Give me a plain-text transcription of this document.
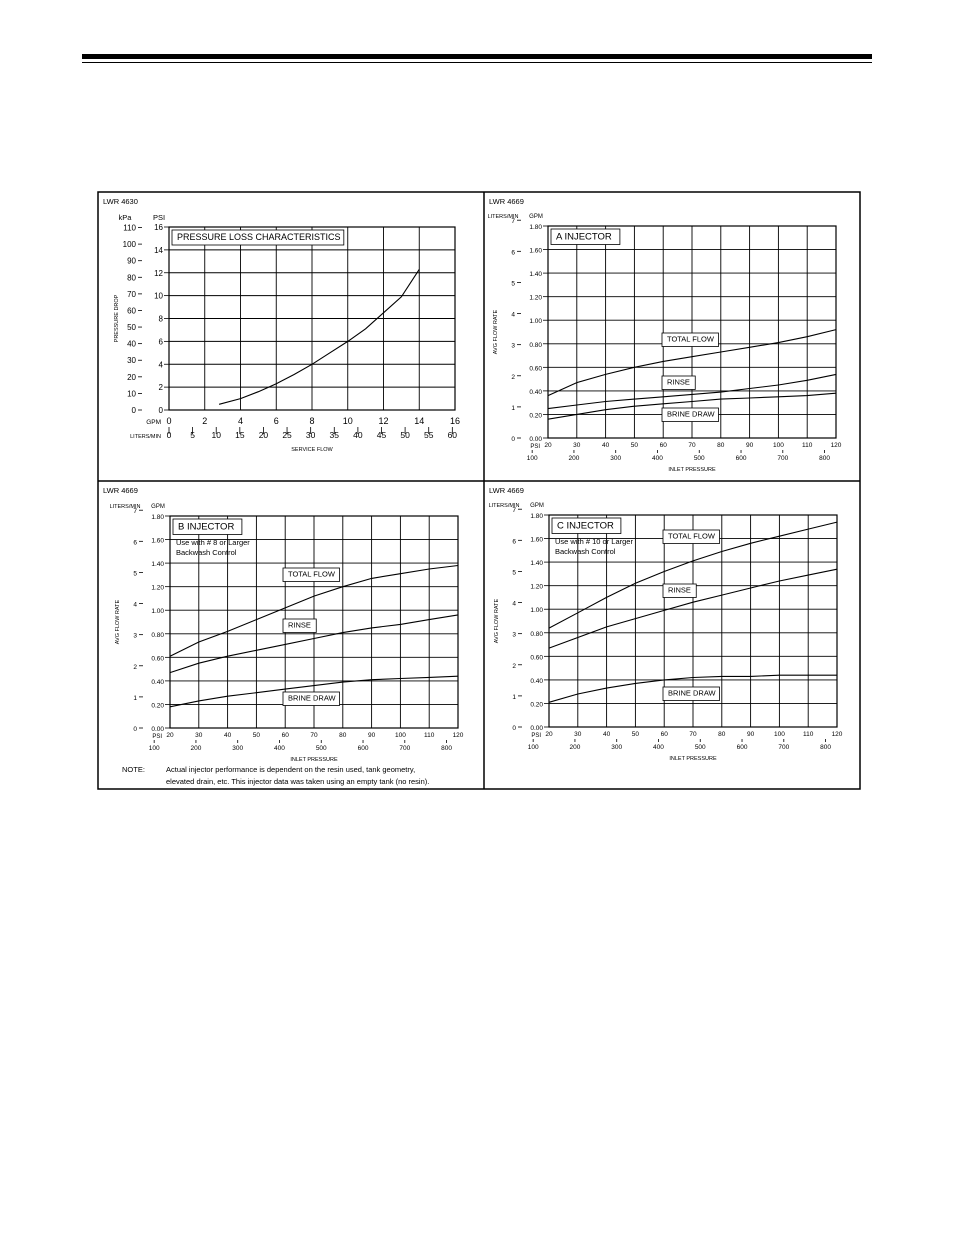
LWR 4630
PRESSURE LOSS CHARACTERISTICS
kPa	PSI
0
2
4
6
8
10
12
14
16
0
10
20
30
40
50
60
70
80
90
100
110
PRESSURE DROP
GPM 0	2	4	6	8	10	12	14	16
0 5 10 15 20 25 30 35 40 45 50 55 60
LITERS/MIN
SERVICE FLOW
LWR 4669
A INJECTOR
LITERS/MIN GPM
0.00
0.20
0.40
0.60
0.80
1.00
1.20
1.40
1.60
1.80
0
1
2
3
4
5
6
7
AVG FLOW RATE
PSI 20	30	40	50	60	70	80	90	100	110	120
100	200	300	400	500	600	700	800
INLET PRESSURE
TOTAL FLOW
RINSE
BRINE DRAW
LWR 4669
B INJECTOR
Use with # 8 or Larger
Backwash Control
LITERS/MIN GPM
0.00
0.20
0.40
0.60
0.80
1.00
1.20
1.40
1.60
1.80
0
1
2
3
4
5
6
7
AVG FLOW RATE
PSI 20	30	40	50	60	70	80	90	100	110	120
100	200	300	400	500	600	700	800
INLET PRESSURE
TOTAL FLOW
RINSE
BRINE DRAW
NOTE:	Actual injector performance is dependent on the resin used, tank geometry,
elevated drain, etc. This injector data was taken using an empty tank (no resin).
LWR 4669
C INJECTOR
Use with # 10 or Larger
Backwash Control
LITERS/MIN GPM
0.00
0.20
0.40
0.60
0.80
1.00
1.20
1.40
1.60
1.80
0
1
2
3
4
5
6
7
AVG FLOW RATE
PSI 20	30	40	50	60	70	80	90	100	110	120
100	200	300	400	500	600	700	800
INLET PRESSURE
TOTAL FLOW
RINSE
BRINE DRAW
